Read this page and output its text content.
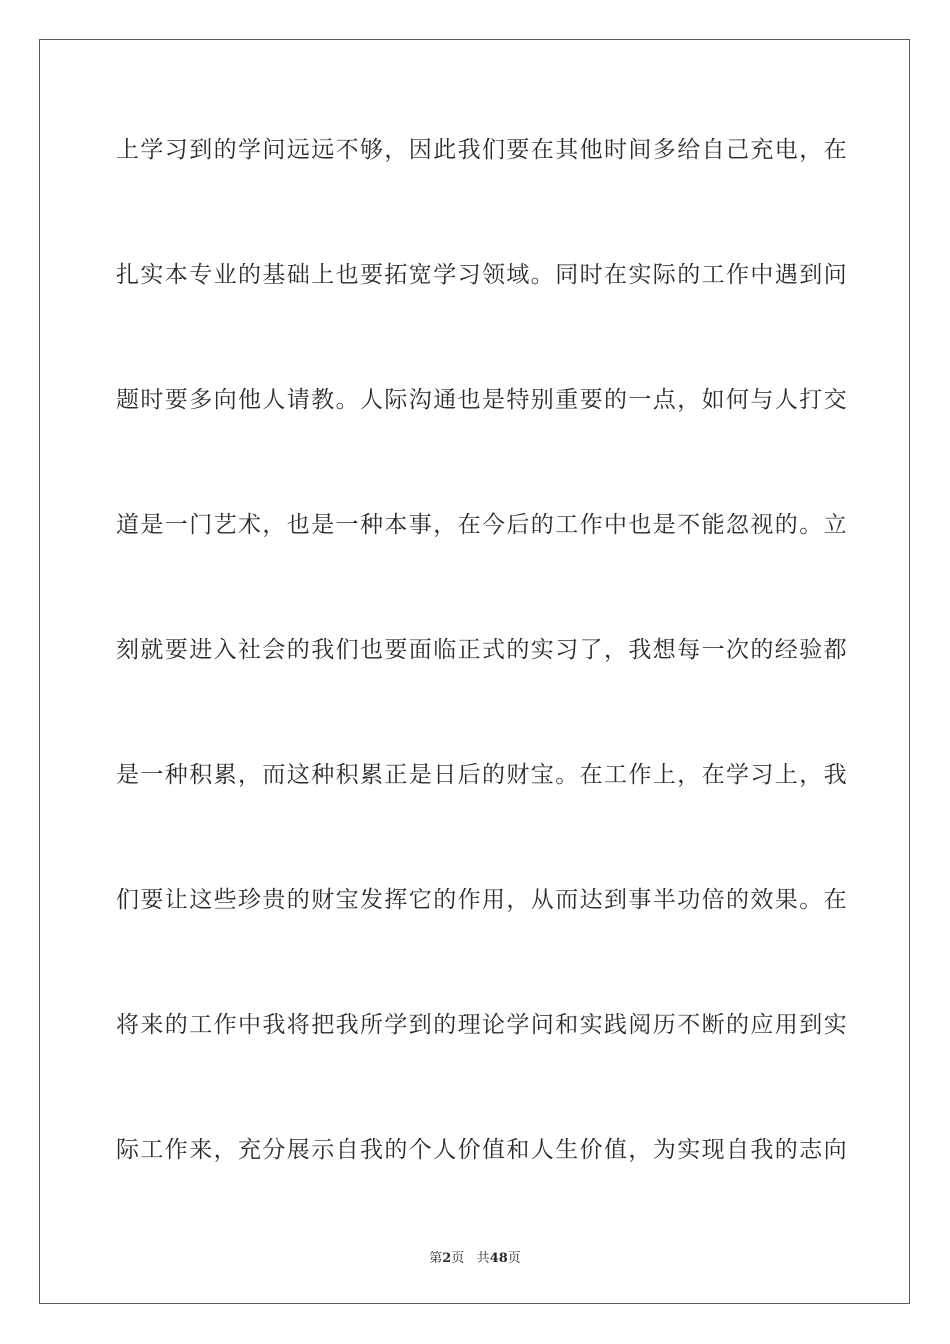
上学习到的学问远远不够，因此我们要在其他时间多给自己充电，在
扎实本专业的基础上也要拓宽学习领域。同时在实际的工作中遇到问
题时要多向他人请教。人际沟通也是特别重要的一点，如何与人打交
道是一门艺术，也是一种本事，在今后的工作中也是不能忽视的。立
刻就要进入社会的我们也要面临正式的实习了，我想每一次的经验都
是一种积累，而这种积累正是日后的财宝。在工作上，在学习上，我
们要让这些珍贵的财宝发挥它的作用，从而达到事半功倍的效果。在
将来的工作中我将把我所学到的理论学问和实践阅历不断的应用到实
际工作来，充分展示自我的个人价值和人生价值，为实现自我的志向
第2页 共48页
